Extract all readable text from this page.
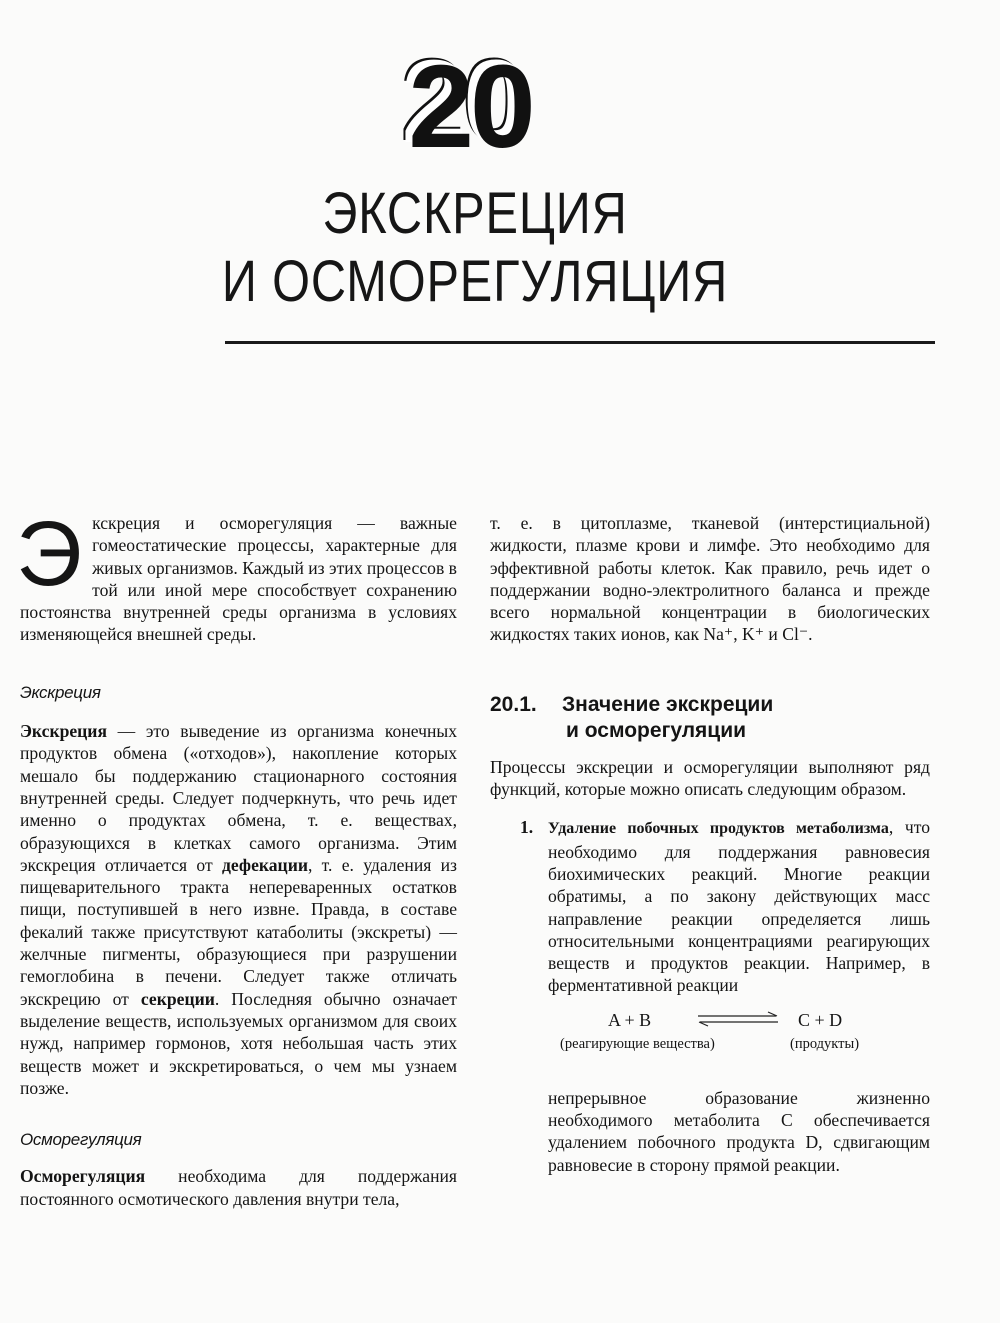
20
ЭКСКРЕЦИЯ
И ОСМОРЕГУЛЯЦИЯ

Экскреция и осморегуляция — важные гомеостатические процессы, характерные для живых организмов. Каждый из этих процессов в той или иной мере способствует сохранению постоянства внутренней среды организма в условиях изменяющейся внешней среды.

Экскреция

Экскреция — это выведение из организма конечных продуктов обмена («отходов»), накопление которых мешало бы поддержанию стационарного состояния внутренней среды. Следует подчеркнуть, что речь идет именно о продуктах обмена, т. е. веществах, образующихся в клетках самого организма. Этим экскреция отличается от дефекации, т. е. удаления из пищеварительного тракта непереваренных остатков пищи, поступившей в него извне. Правда, в составе фекалий также присутствуют катаболиты (экскреты) — желчные пигменты, образующиеся при разрушении гемоглобина в печени. Следует также отличать экскрецию от секреции. Последняя обычно означает выделение веществ, используемых организмом для своих нужд, например гормонов, хотя небольшая часть этих веществ может и экскретироваться, о чем мы узнаем позже.

Осморегуляция

Осморегуляция необходима для поддержания постоянного осмотического давления внутри тела,

т. е. в цитоплазме, тканевой (интерстициальной) жидкости, плазме крови и лимфе. Это необходимо для эффективной работы клеток. Как правило, речь идет о поддержании водно-электролитного баланса и прежде всего нормальной концентрации в биологических жидкостях таких ионов, как Na⁺, K⁺ и Cl⁻.

20.1. Значение экскреции
и осморегуляции

Процессы экскреции и осморегуляции выполняют ряд функций, которые можно описать следующим образом.

1. Удаление побочных продуктов метаболизма, что необходимо для поддержания равновесия биохимических реакций. Многие реакции обратимы, а по закону действующих масс направление реакции определяется лишь относительными концентрациями реагирующих веществ и продуктов реакции. Например, в ферментативной реакции
A + B	C + D
(реагирующие вещества)	(продукты)

непрерывное образование жизненно необходимого метаболита C обеспечивается удалением побочного продукта D, сдвигающим равновесие в сторону прямой реакции.
